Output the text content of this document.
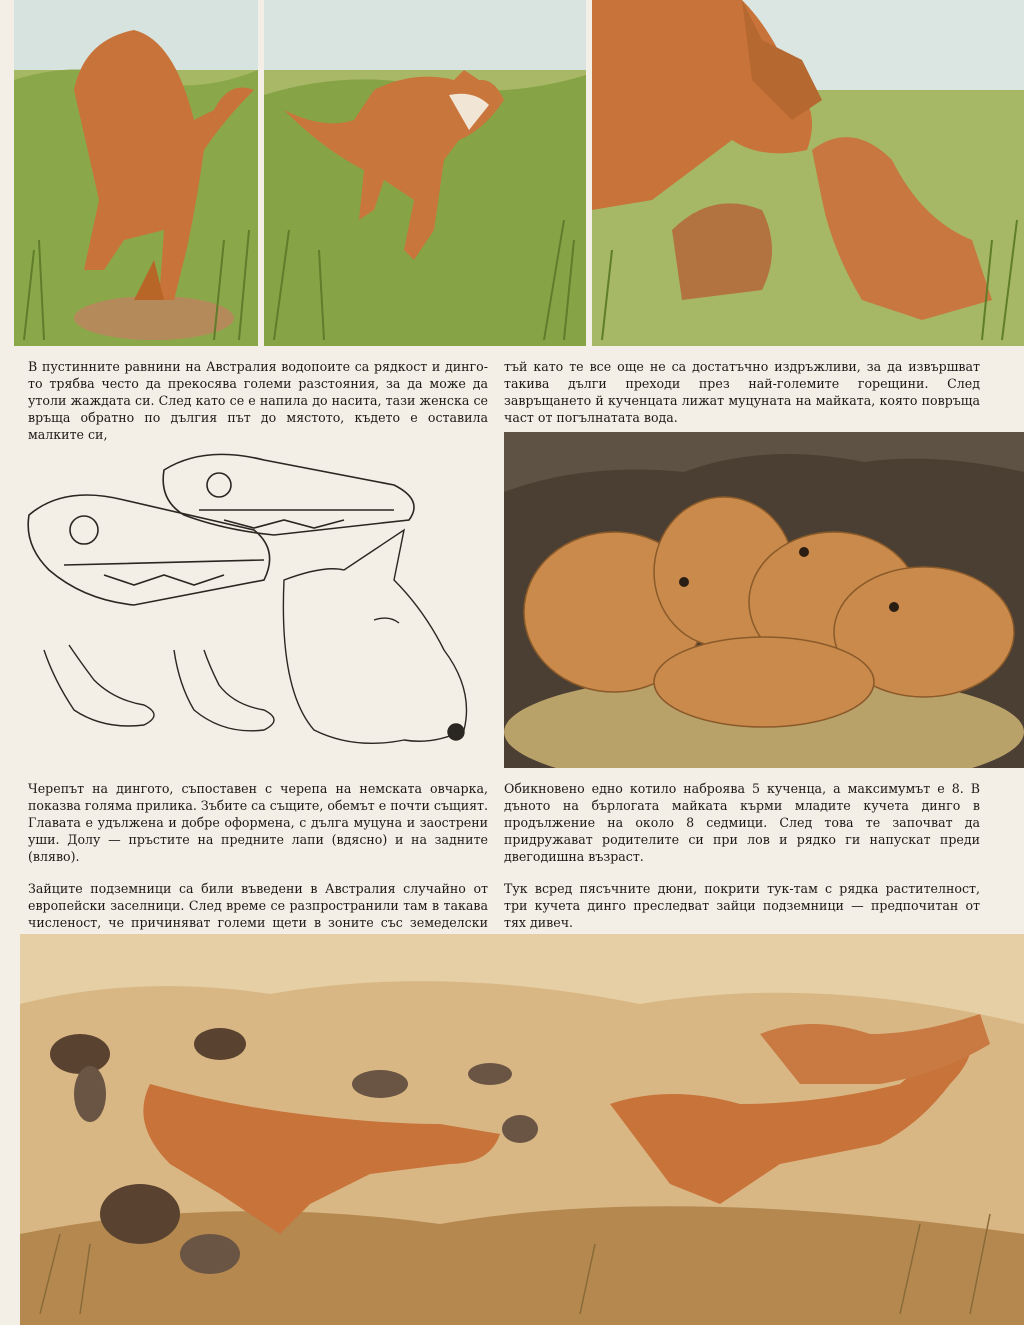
В пустинните равнини на Австралия водопоите са рядкост и динго-то трябва често да прекосява големи разстояния, за да може да утоли жаждата си. След като се е напила до насита, тази женска се връща обратно по дългия път до мястото, където е оставила малките си,

тъй като те все още не са достатъчно издръжливи, за да извършват такива дълги преходи през най-големите горещини. След завръщането й кученцата лижат муцуната на майката, която повръща част от погълнатата вода.

Черепът на дингото, съпоставен с черепа на немската овчарка, показва голяма прилика. Зъбите са същите, обемът е почти същият. Главата е удължена и добре оформена, с дълга муцуна и заострени уши. Долу — пръстите на предните лапи (вдясно) и на задните (вляво).

Обикновено едно котило наброява 5 кученца, а максимумът е 8. В дъното на бърлогата майката кърми младите кучета динго в продължение на около 8 седмици. След това те започват да придружават родителите си при лов и рядко ги напускат преди двегодишна възраст.

Зайците подземници са били въведени в Австралия случайно от европейски заселници. След време се разпространили там в такава численост, че причиняват големи щети в зоните със земеделски

Тук всред пясъчните дюни, покрити тук-там с рядка растителност, три кучета динго преследват зайци подземници — предпочитан от тях дивеч.
